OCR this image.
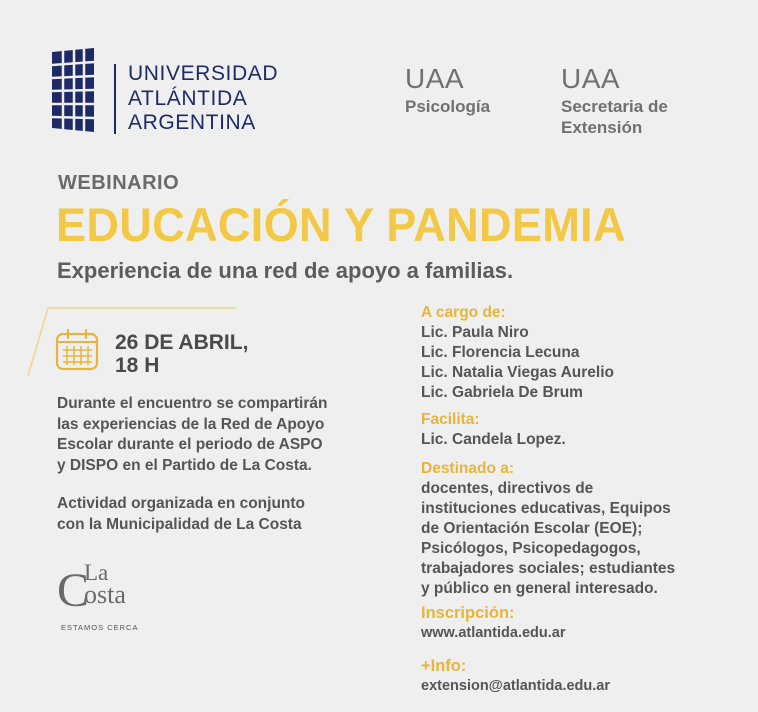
UNIVERSIDAD
ATLÁNTIDA
ARGENTINA
UAA
Psicología
UAA
Secretaria de
Extensión
WEBINARIO
EDUCACIÓN Y PANDEMIA
Experiencia de una red de apoyo a familias.
26 DE ABRIL,
18 H
Durante el encuentro se compartirán
las experiencias de la Red de Apoyo
Escolar durante el periodo de ASPO
y DISPO en el Partido de La Costa.
Actividad organizada en conjunto
con la Municipalidad de La Costa
C
La
osta
ESTAMOS CERCA
A cargo de:
Lic. Paula Niro
Lic. Florencia Lecuna
Lic. Natalia Viegas Aurelio
Lic. Gabriela De Brum
Facilita:
Lic. Candela Lopez.
Destinado a:
docentes, directivos de
instituciones educativas, Equipos
de Orientación Escolar (EOE);
Psicólogos, Psicopedagogos,
trabajadores sociales; estudiantes
y público en general interesado.
Inscripción:
www.atlantida.edu.ar
+Info:
extension@atlantida.edu.ar
